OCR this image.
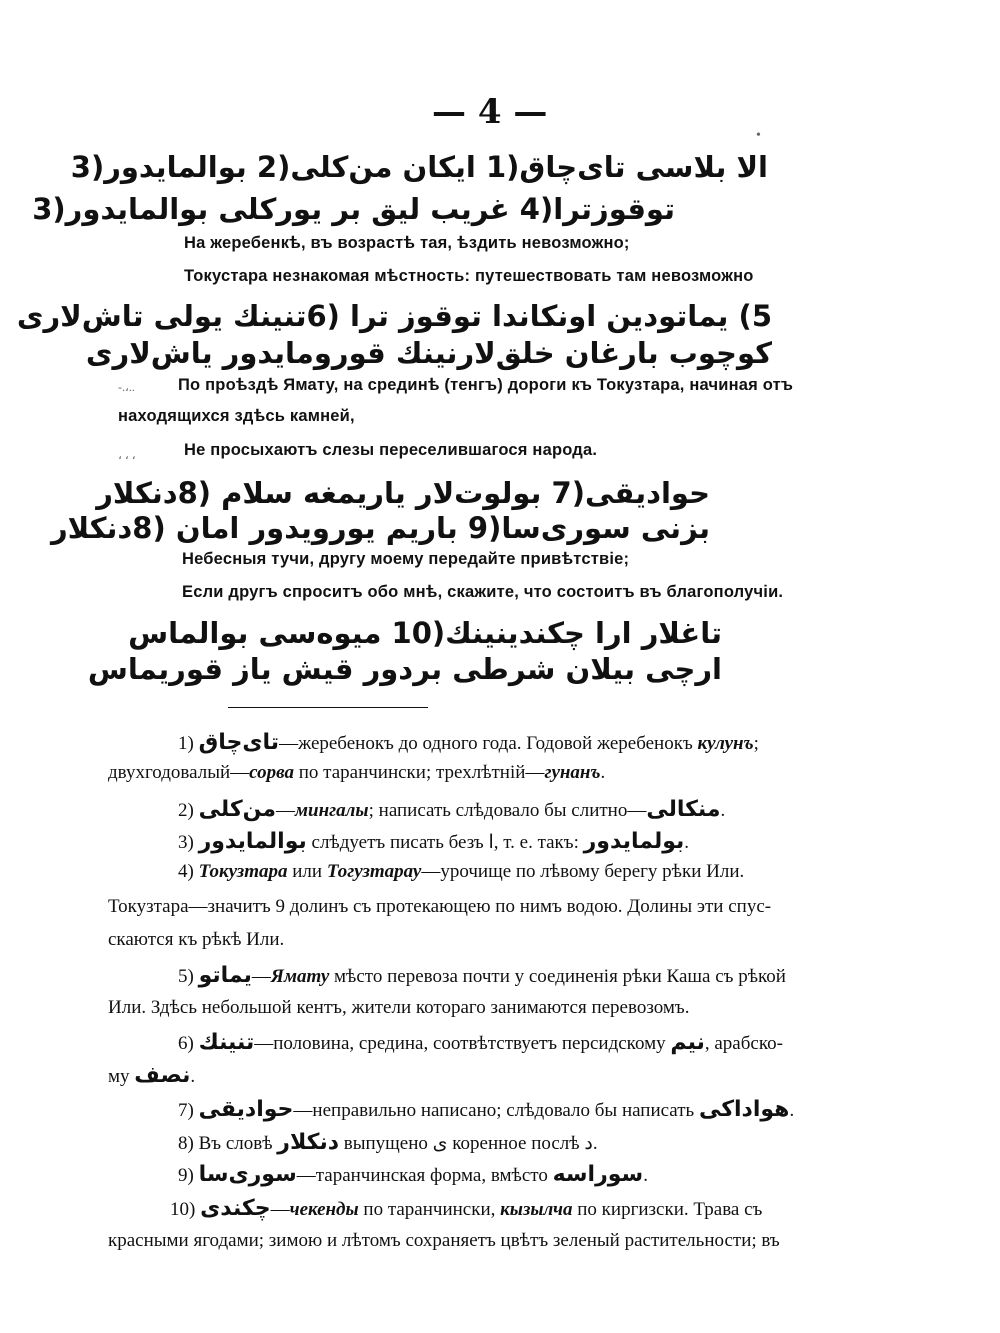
— 4 —
•
الا بلاسی تای‌چاق(1 ایکان من‌کلی(2 بوالمایدور(3
توقوزترا(4 غریب لیق بر یورکلی بوالمایدور(3
На жеребенкѣ, въ возрастѣ тая, ѣздить невозможно;
Токустара незнакомая мѣстность: путешествовать там невозможно
5) یماتودین اونکاندا توقوز ترا (6تنینك یولی تاش‌لاری
کوچوب بارغان خلق‌لارنینك قورومایدور یاش‌لاری
-.،..	По проѣздѣ Ямату, на срединѣ (тенгъ) дороги къ Токузтара, начиная отъ
находящихся здѣсь камней,
، ، ،	Не просыхаютъ слезы переселившагося народа.
حوادیقی(7 بولوت‌لار یاریمغه سلام (8دنکلار
بزنی سوری‌سا(9 باریم یورویدور امان (8دنکلار
Небесныя тучи, другу моему передайте привѣтствіе;
Если другъ спроситъ обо мнѣ, скажите, что состоитъ въ благополучіи.
تاغلار ارا چکندینینك(10 میوه‌سی بوالماس
ارچی بیلان شرطی بردور قیش یاز قوریماس
1) تای‌چاق—жеребенокъ до одного года. Годовой жеребенокъ кулунъ;
двухгодовалый—сорва по таранчински; трехлѣтній—гунанъ.
2) من‌کلی—мингалы; написать слѣдовало бы слитно—منکالی.
3) بوالمایدور слѣдуетъ писать безъ ا, т. е. такъ: بولمایدور.
4) Токузтара или Тогузтарау—урочище по лѣвому берегу рѣки Или.
Токузтара—значитъ 9 долинъ съ протекающею по нимъ водою. Долины эти спус-
скаются къ рѣкѣ Или.
5) یماتو—Ямату мѣсто перевоза почти у соединенія рѣки Каша съ рѣкой
Или. Здѣсь небольшой кентъ, жители котораго занимаются перевозомъ.
6) تنینك—половина, средина, соотвѣтствуетъ персидскому نیم, арабско-
му نصف.
7) حوادیقی—неправильно написано; слѣдовало бы написать هواداکی.
8) Въ словѣ دنکلار выпущено ی коренное послѣ د.
9) سوری‌سا—таранчинская форма, вмѣсто سوراسه.
10) چکندی—чекенды по таранчински, кызылча по киргизски. Трава съ
красными ягодами; зимою и лѣтомъ сохраняетъ цвѣтъ зеленый растительности; въ
